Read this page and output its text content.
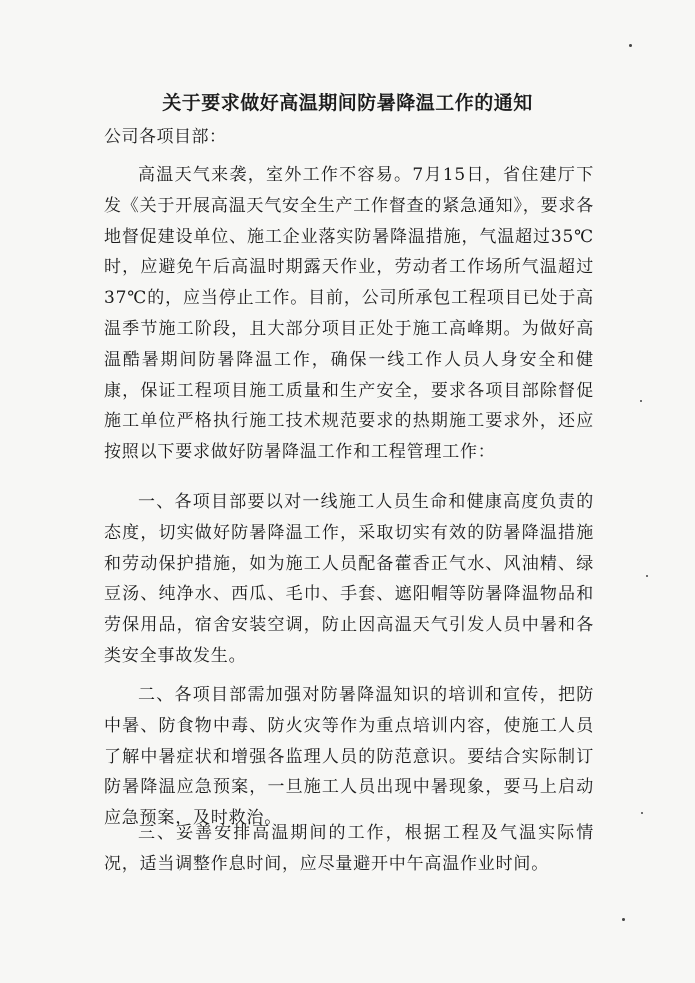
关于要求做好高温期间防暑降温工作的通知
公司各项目部：

高温天气来袭，室外工作不容易。7月15日，省住建厅下发《关于开展高温天气安全生产工作督查的紧急通知》，要求各地督促建设单位、施工企业落实防暑降温措施，气温超过35℃时，应避免午后高温时期露天作业，劳动者工作场所气温超过37℃的，应当停止工作。目前，公司所承包工程项目已处于高温季节施工阶段，且大部分项目正处于施工高峰期。为做好高温酷暑期间防暑降温工作，确保一线工作人员人身安全和健康，保证工程项目施工质量和生产安全，要求各项目部除督促施工单位严格执行施工技术规范要求的热期施工要求外，还应按照以下要求做好防暑降温工作和工程管理工作：

一、各项目部要以对一线施工人员生命和健康高度负责的态度，切实做好防暑降温工作，采取切实有效的防暑降温措施和劳动保护措施，如为施工人员配备藿香正气水、风油精、绿豆汤、纯净水、西瓜、毛巾、手套、遮阳帽等防暑降温物品和劳保用品，宿舍安装空调，防止因高温天气引发人员中暑和各类安全事故发生。

二、各项目部需加强对防暑降温知识的培训和宣传，把防中暑、防食物中毒、防火灾等作为重点培训内容，使施工人员了解中暑症状和增强各监理人员的防范意识。要结合实际制订防暑降温应急预案，一旦施工人员出现中暑现象，要马上启动应急预案，及时救治。

三、妥善安排高温期间的工作，根据工程及气温实际情况，适当调整作息时间，应尽量避开中午高温作业时间。
